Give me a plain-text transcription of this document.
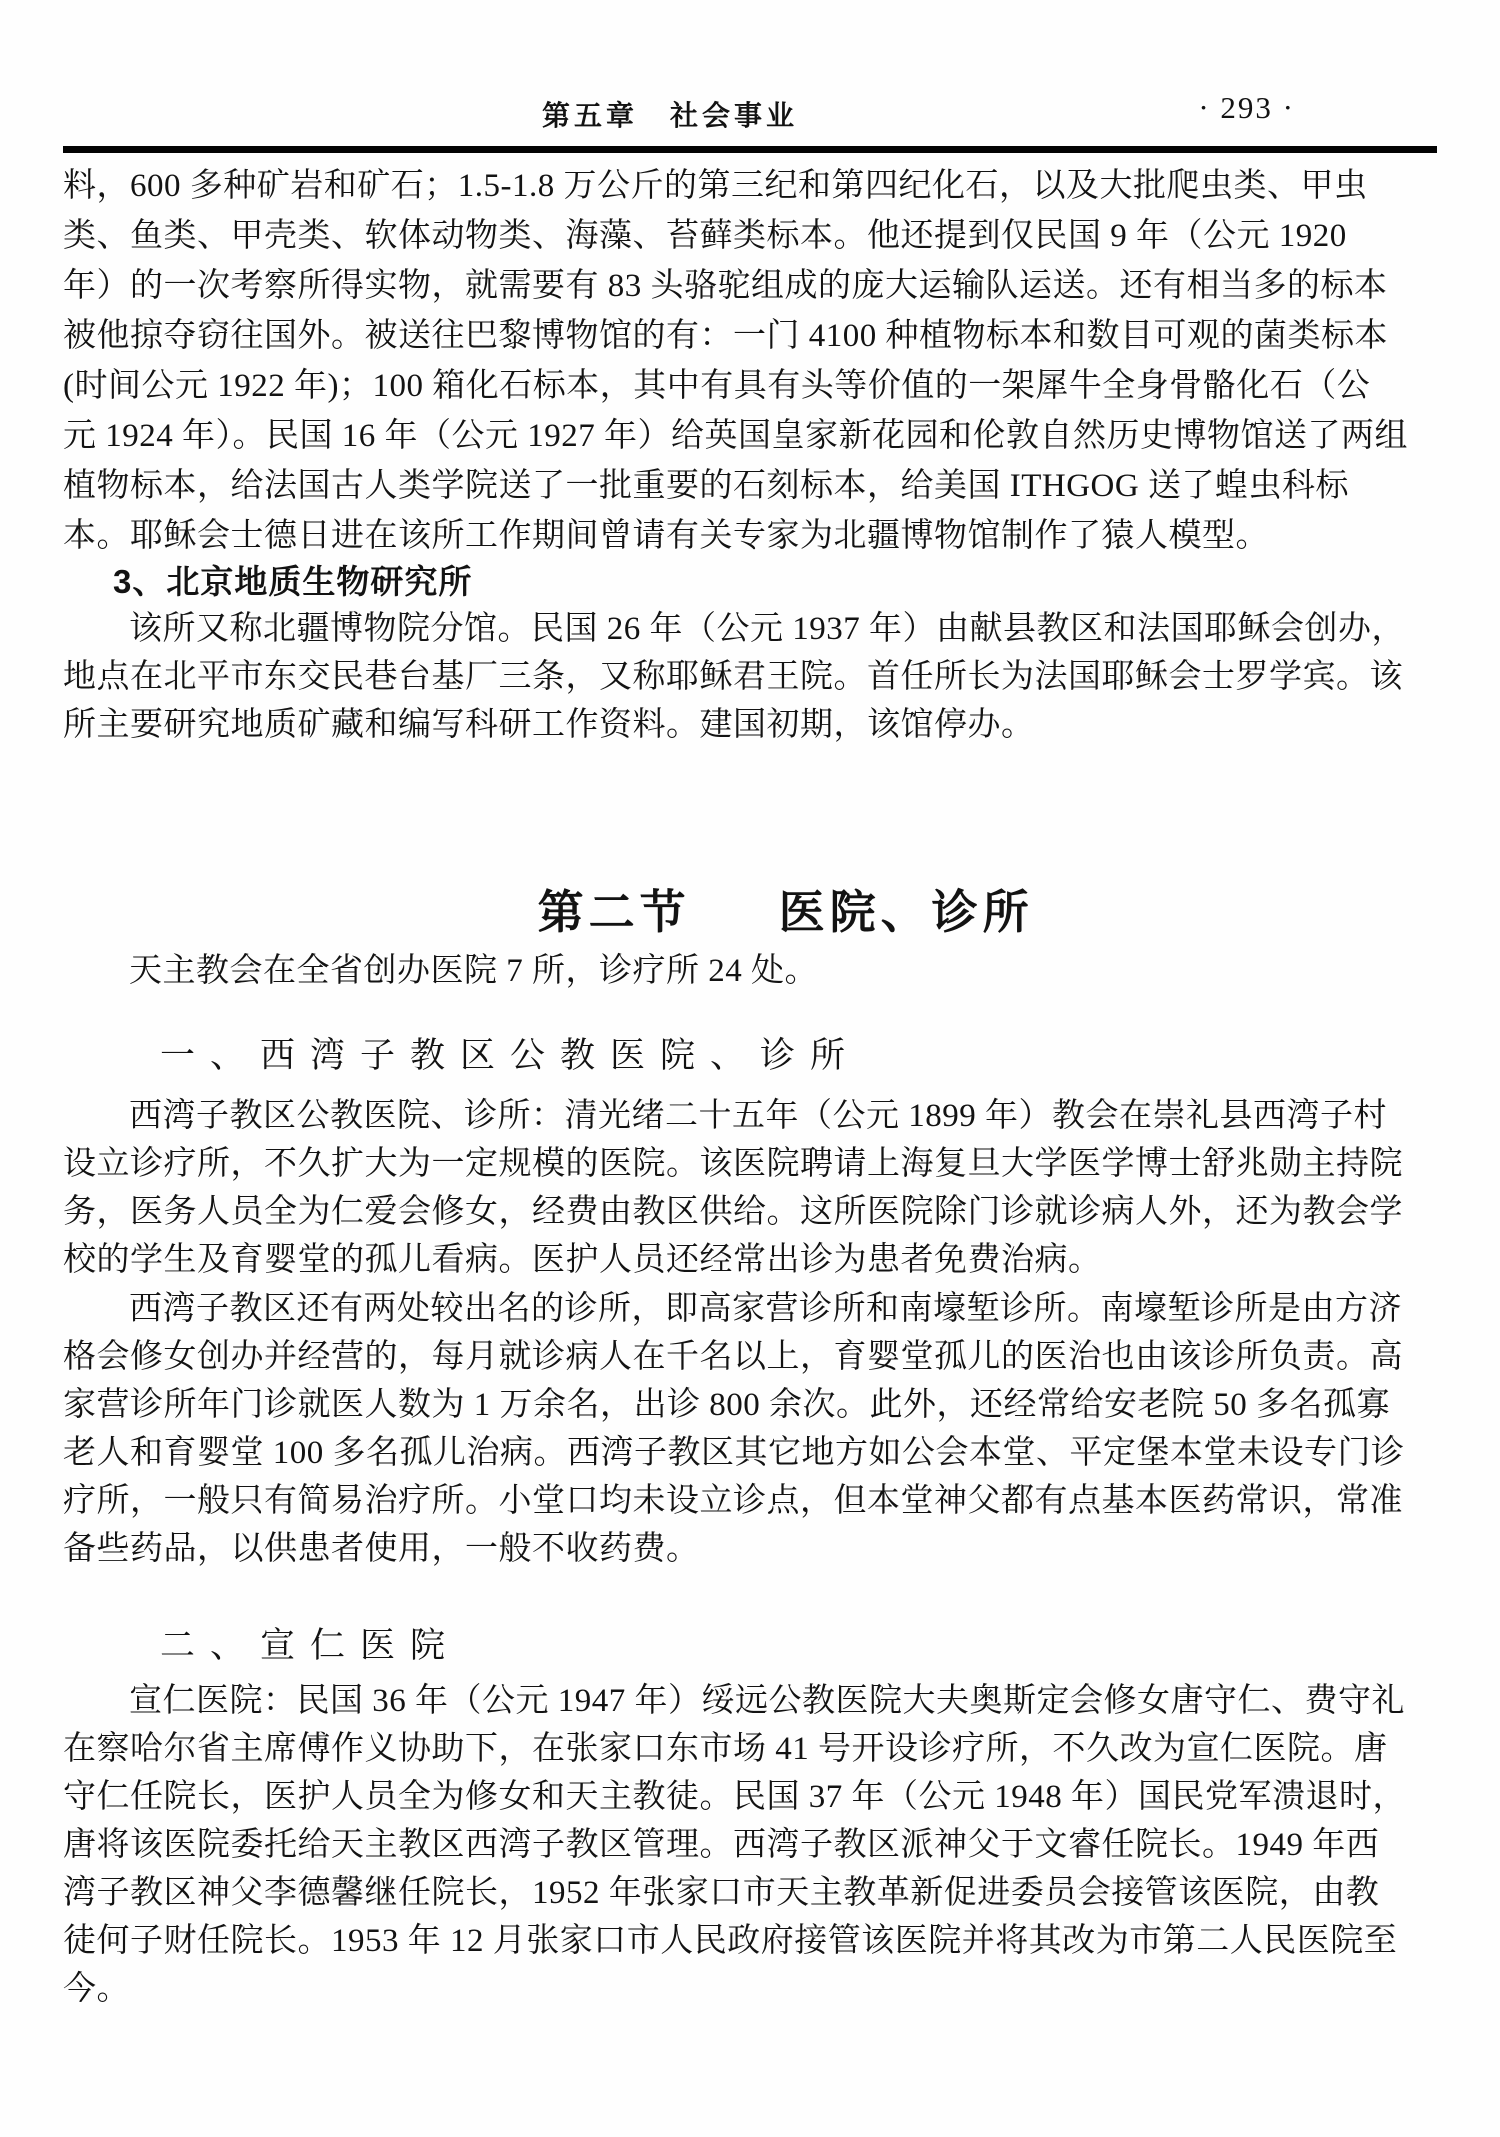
第五章　社会事业	· 293 ·
料，600 多种矿岩和矿石；1.5-1.8 万公斤的第三纪和第四纪化石，以及大批爬虫类、甲虫
类、鱼类、甲壳类、软体动物类、海藻、苔藓类标本。他还提到仅民国 9 年（公元 1920
年）的一次考察所得实物，就需要有 83 头骆驼组成的庞大运输队运送。还有相当多的标本
被他掠夺窃往国外。被送往巴黎博物馆的有：一门 4100 种植物标本和数目可观的菌类标本
(时间公元 1922 年)；100 箱化石标本，其中有具有头等价值的一架犀牛全身骨骼化石（公
元 1924 年）。民国 16 年（公元 1927 年）给英国皇家新花园和伦敦自然历史博物馆送了两组
植物标本，给法国古人类学院送了一批重要的石刻标本，给美国 ITHGOG 送了蝗虫科标
本。耶稣会士德日进在该所工作期间曾请有关专家为北疆博物馆制作了猿人模型。
3、北京地质生物研究所
该所又称北疆博物院分馆。民国 26 年（公元 1937 年）由献县教区和法国耶稣会创办，
地点在北平市东交民巷台基厂三条，又称耶稣君王院。首任所长为法国耶稣会士罗学宾。该
所主要研究地质矿藏和编写科研工作资料。建国初期，该馆停办。

第二节 医院、诊所

天主教会在全省创办医院 7 所，诊疗所 24 处。
一、西湾子教区公教医院、诊所
西湾子教区公教医院、诊所：清光绪二十五年（公元 1899 年）教会在崇礼县西湾子村
设立诊疗所，不久扩大为一定规模的医院。该医院聘请上海复旦大学医学博士舒兆勋主持院
务，医务人员全为仁爱会修女，经费由教区供给。这所医院除门诊就诊病人外，还为教会学
校的学生及育婴堂的孤儿看病。医护人员还经常出诊为患者免费治病。
西湾子教区还有两处较出名的诊所，即高家营诊所和南壕堑诊所。南壕堑诊所是由方济
格会修女创办并经营的，每月就诊病人在千名以上，育婴堂孤儿的医治也由该诊所负责。高
家营诊所年门诊就医人数为 1 万余名，出诊 800 余次。此外，还经常给安老院 50 多名孤寡
老人和育婴堂 100 多名孤儿治病。西湾子教区其它地方如公会本堂、平定堡本堂未设专门诊
疗所，一般只有简易治疗所。小堂口均未设立诊点，但本堂神父都有点基本医药常识，常准
备些药品，以供患者使用，一般不收药费。
二、宣仁医院
宣仁医院：民国 36 年（公元 1947 年）绥远公教医院大夫奥斯定会修女唐守仁、费守礼
在察哈尔省主席傅作义协助下，在张家口东市场 41 号开设诊疗所，不久改为宣仁医院。唐
守仁任院长，医护人员全为修女和天主教徒。民国 37 年（公元 1948 年）国民党军溃退时，
唐将该医院委托给天主教区西湾子教区管理。西湾子教区派神父于文睿任院长。1949 年西
湾子教区神父李德馨继任院长，1952 年张家口市天主教革新促进委员会接管该医院，由教
徒何子财任院长。1953 年 12 月张家口市人民政府接管该医院并将其改为市第二人民医院至
今。
